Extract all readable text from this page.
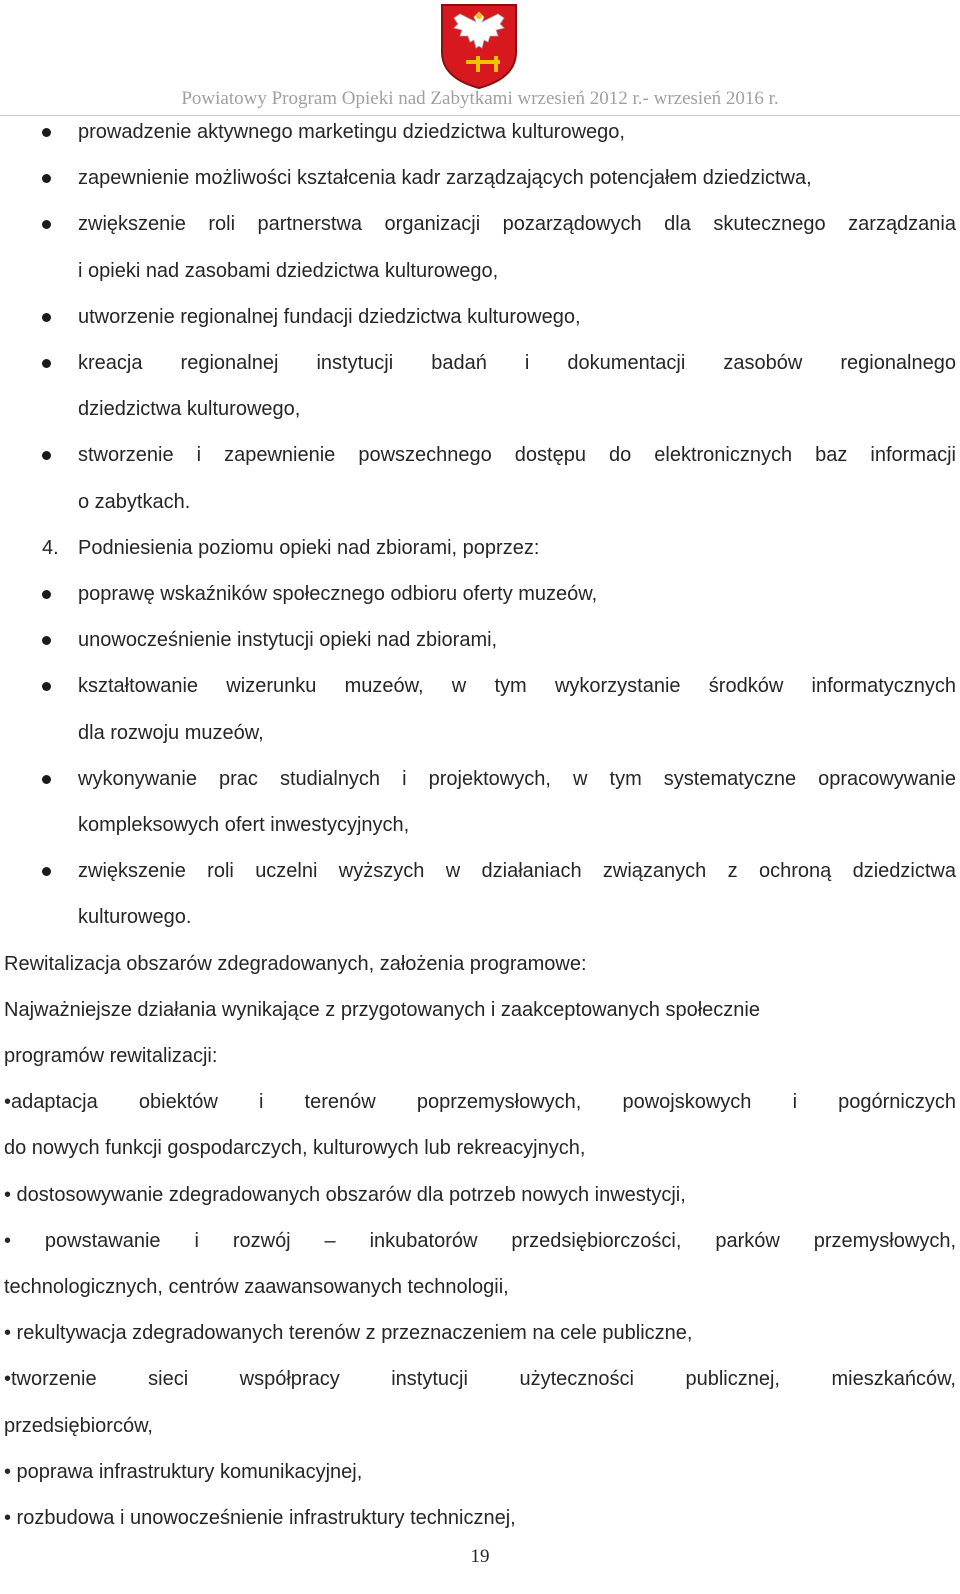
Powiatowy Program Opieki nad Zabytkami wrzesień 2012 r.- wrzesień 2016 r.
prowadzenie aktywnego marketingu dziedzictwa kulturowego,
zapewnienie możliwości kształcenia kadr zarządzających potencjałem dziedzictwa,
zwiększenie roli partnerstwa organizacji pozarządowych dla skutecznego zarządzania
i opieki nad zasobami dziedzictwa kulturowego,
utworzenie regionalnej fundacji dziedzictwa kulturowego,
kreacja regionalnej instytucji badań i dokumentacji zasobów regionalnego
dziedzictwa kulturowego,
stworzenie i zapewnienie powszechnego dostępu do elektronicznych baz informacji
o zabytkach.
4. Podniesienia poziomu opieki nad zbiorami, poprzez:
poprawę wskaźników społecznego odbioru oferty muzeów,
unowocześnienie instytucji opieki nad zbiorami,
kształtowanie wizerunku muzeów, w tym wykorzystanie środków informatycznych
dla rozwoju muzeów,
wykonywanie prac studialnych i projektowych, w tym systematyczne opracowywanie
kompleksowych ofert inwestycyjnych,
zwiększenie roli uczelni wyższych w działaniach związanych z ochroną dziedzictwa
kulturowego.
Rewitalizacja obszarów zdegradowanych, założenia programowe:
Najważniejsze działania wynikające z przygotowanych i zaakceptowanych społecznie
programów rewitalizacji:
•adaptacja obiektów i terenów poprzemysłowych, powojskowych i pogórniczych
do nowych funkcji gospodarczych, kulturowych lub rekreacyjnych,
• dostosowywanie zdegradowanych obszarów dla potrzeb nowych inwestycji,
• powstawanie i rozwój – inkubatorów przedsiębiorczości, parków przemysłowych,
technologicznych, centrów zaawansowanych technologii,
• rekultywacja zdegradowanych terenów z przeznaczeniem na cele publiczne,
•tworzenie sieci współpracy instytucji użyteczności publicznej, mieszkańców,
przedsiębiorców,
• poprawa infrastruktury komunikacyjnej,
• rozbudowa i unowocześnienie infrastruktury technicznej,
19
